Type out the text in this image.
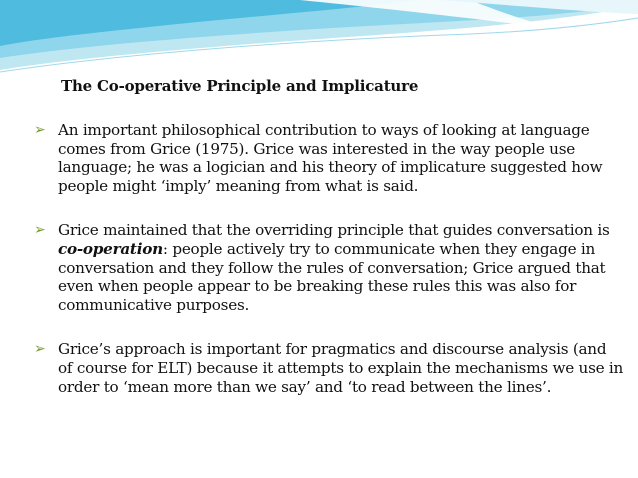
The Co-operative Principle and Implicature
➢ An important philosophical contribution to ways of looking at language comes from Grice (1975). Grice was interested in the way people use language; he was a logician and his theory of implicature suggested how people might ‘imply’ meaning from what is said.
➢ Grice maintained that the overriding principle that guides conversation is co-operation: people actively try to communicate when they engage in conversation and they follow the rules of conversation; Grice argued that even when people appear to be breaking these rules this was also for communicative purposes.
➢ Grice’s approach is important for pragmatics and discourse analysis (and of course for ELT) because it attempts to explain the mechanisms we use in order to ‘mean more than we say’ and ‘to read between the lines’.
